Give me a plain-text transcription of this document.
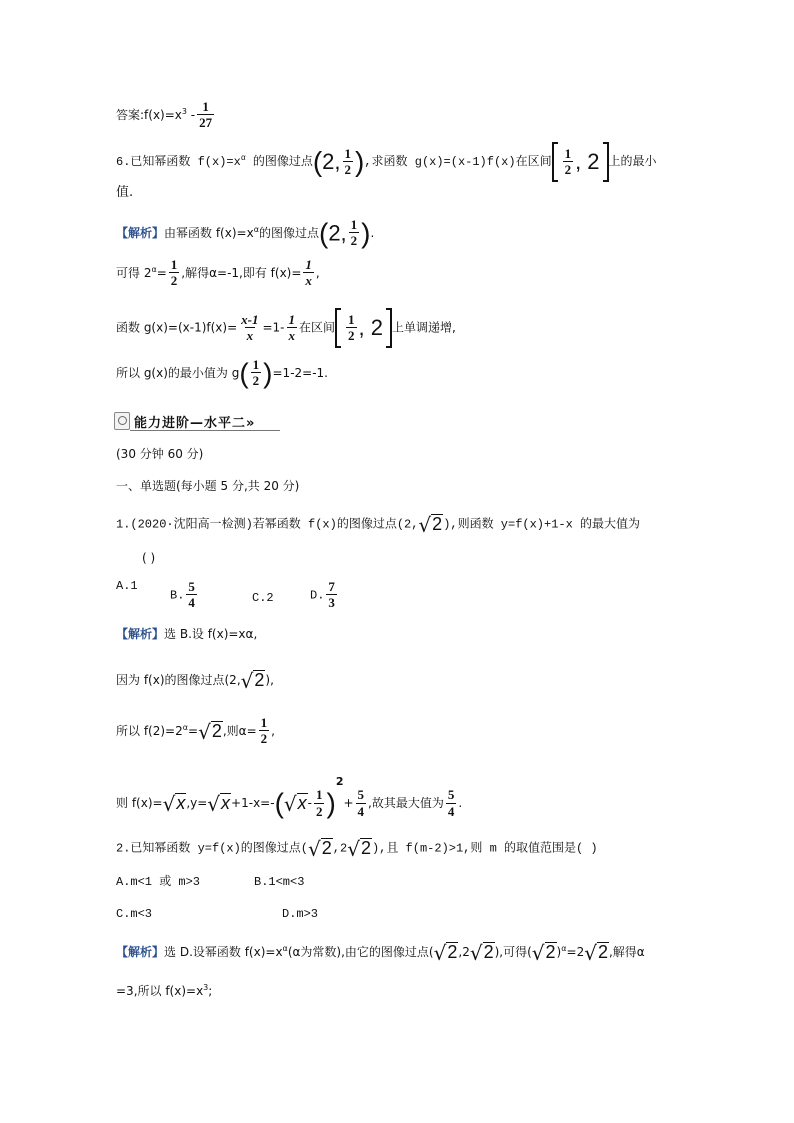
答案$:f(x)=x^3 - \frac{1}{27}$
6.已知幂函数 $f(x)=x^\alpha$ 的图像过点(2, $\frac{1}{2}$ ),求函数 g(x)=(x-1)f(x)在区间 $\frac{1}{2}$ , 2 上的最小
值.
【解析】由幂函数 $f(x)=x^\alpha$的图像过点(2, $\frac{1}{2}$ ).
可得 $2^\alpha= \frac{1}{2}$ ,解得α=-1,即有 $f(x)= \frac{1}{x}$ ,
函数 $g(x)=(x-1)f(x)= \frac{x-1}{x} =1- \frac{1}{x}$ 在区间 $\frac{1}{2}$ , 2 上单调递增,
所以 g(x)的最小值为 $g( \frac{1}{2} )=1-2=-1$.
能力进阶—水平二»
(30 分钟 60 分)
一、单选题(每小题 5 分,共 20 分)
1.(2020·沈阳高一检测)若幂函数 f(x)的图像过点(2, √ 2 ),则函数 y=f(x)+1-x 的最大值为
( )
A.1
B. $\frac{5}{4}$	C.2	D. $\frac{7}{3}$
【解析】选 B.设 f(x)=xα,
因为 f(x)的图像过点(2, √ 2 ),
所以 $f(2)=2^\alpha=$ √ 2 ,则$\alpha= \frac{1}{2}$ ,
则 f(x)= √ x ,y= √ x +1-x=-( √ $x - \frac{1}{2} )2+ \frac{5}{4}$ ,故其最大值为 $\frac{5}{4}$ .
2.已知幂函数 y=f(x)的图像过点( √ 2 ,2 √ 2 ),且 f(m-2)>1,则 m 的取值范围是( )
A.m<1 或 m>3	B.1<m<3
C.m<3	D.m>3
【解析】选 D.设幂函数 $f(x)=x^\alpha(\alpha$为常数),由它的图像过点( √ 2 ,2 √ 2 ),可得( √ 2 )$^\alpha$=2 √ 2 ,解得α
=3,所以 $f(x)=x^3$;
